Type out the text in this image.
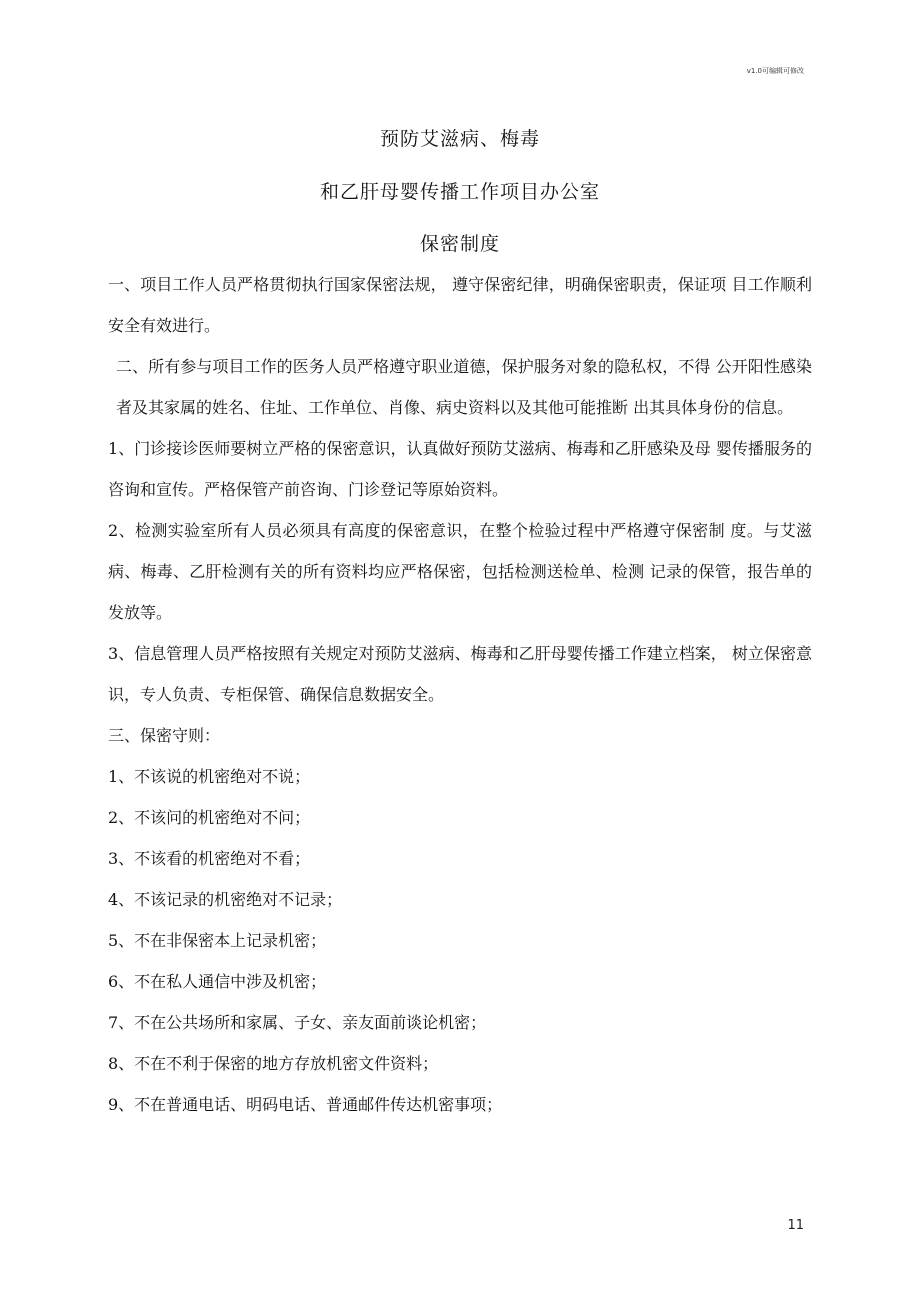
v1.0可编辑可修改
预防艾滋病、梅毒
和乙肝母婴传播工作项目办公室
保密制度

一、项目工作人员严格贯彻执行国家保密法规， 遵守保密纪律，明确保密职责，保证项 目工作顺利安全有效进行。

二、所有参与项目工作的医务人员严格遵守职业道德，保护服务对象的隐私权，不得 公开阳性感染者及其家属的姓名、住址、工作单位、肖像、病史资料以及其他可能推断 出其具体身份的信息。

1、门诊接诊医师要树立严格的保密意识，认真做好预防艾滋病、梅毒和乙肝感染及母 婴传播服务的咨询和宣传。严格保管产前咨询、门诊登记等原始资料。

2、检测实验室所有人员必须具有高度的保密意识，在整个检验过程中严格遵守保密制 度。与艾滋病、梅毒、乙肝检测有关的所有资料均应严格保密，包括检测送检单、检测 记录的保管，报告单的发放等。

3、信息管理人员严格按照有关规定对预防艾滋病、梅毒和乙肝母婴传播工作建立档案， 树立保密意识，专人负责、专柜保管、确保信息数据安全。

三、保密守则：

1、不该说的机密绝对不说；

2、不该问的机密绝对不问；

3、不该看的机密绝对不看；

4、不该记录的机密绝对不记录；

5、不在非保密本上记录机密；

6、不在私人通信中涉及机密；

7、不在公共场所和家属、子女、亲友面前谈论机密；

8、不在不利于保密的地方存放机密文件资料；

9、不在普通电话、明码电话、普通邮件传达机密事项；

11
